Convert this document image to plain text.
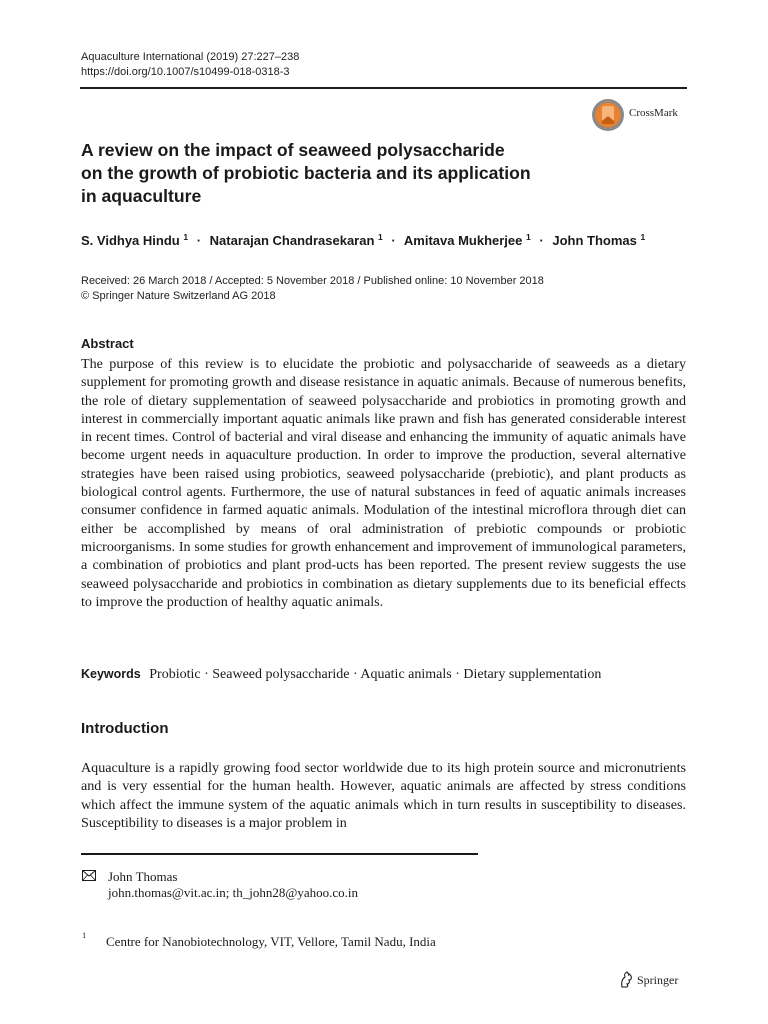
Aquaculture International (2019) 27:227–238
https://doi.org/10.1007/s10499-018-0318-3
CrossMark
A review on the impact of seaweed polysaccharide
on the growth of probiotic bacteria and its application
in aquaculture
S. Vidhya Hindu $^1$ · Natarajan Chandrasekaran $^1$ · Amitava Mukherjee $^1$ · John Thomas $^1$
Received: 26 March 2018 / Accepted: 5 November 2018 / Published online: 10 November 2018
© Springer Nature Switzerland AG 2018
Abstract
The purpose of this review is to elucidate the probiotic and polysaccharide of seaweeds as a dietary supplement for promoting growth and disease resistance in aquatic animals. Because of numerous benefits, the role of dietary supplementation of seaweed polysaccharide and probiotics in promoting growth and interest in commercially important aquatic animals like prawn and fish has generated considerable interest in recent times. Control of bacterial and viral disease and enhancing the immunity of aquatic animals have become urgent needs in aquaculture production. In order to improve the production, several alternative strategies have been raised using probiotics, seaweed polysaccharide (prebiotic), and plant products as biological control agents. Furthermore, the use of natural substances in feed of aquatic animals increases consumer confidence in farmed aquatic animals. Modulation of the intestinal microflora through diet can either be accomplished by means of oral administration of prebiotic compounds or probiotic microorganisms. In some studies for growth enhancement and improvement of immunological parameters, a combination of probiotics and plant prod-ucts has been reported. The present review suggests the use seaweed polysaccharide and probiotics in combination as dietary supplements due to its beneficial effects to improve the production of healthy aquatic animals.
Keywords Probiotic · Seaweed polysaccharide · Aquatic animals · Dietary supplementation
Introduction
Aquaculture is a rapidly growing food sector worldwide due to its high protein source and micronutrients and is very essential for the human health. However, aquatic animals are affected by stress conditions which affect the immune system of the aquatic animals which in turn results in susceptibility to diseases. Susceptibility to diseases is a major problem in
John Thomas
john.thomas@vit.ac.in; th_john28@yahoo.co.in
1 Centre for Nanobiotechnology, VIT, Vellore, Tamil Nadu, India
Springer
